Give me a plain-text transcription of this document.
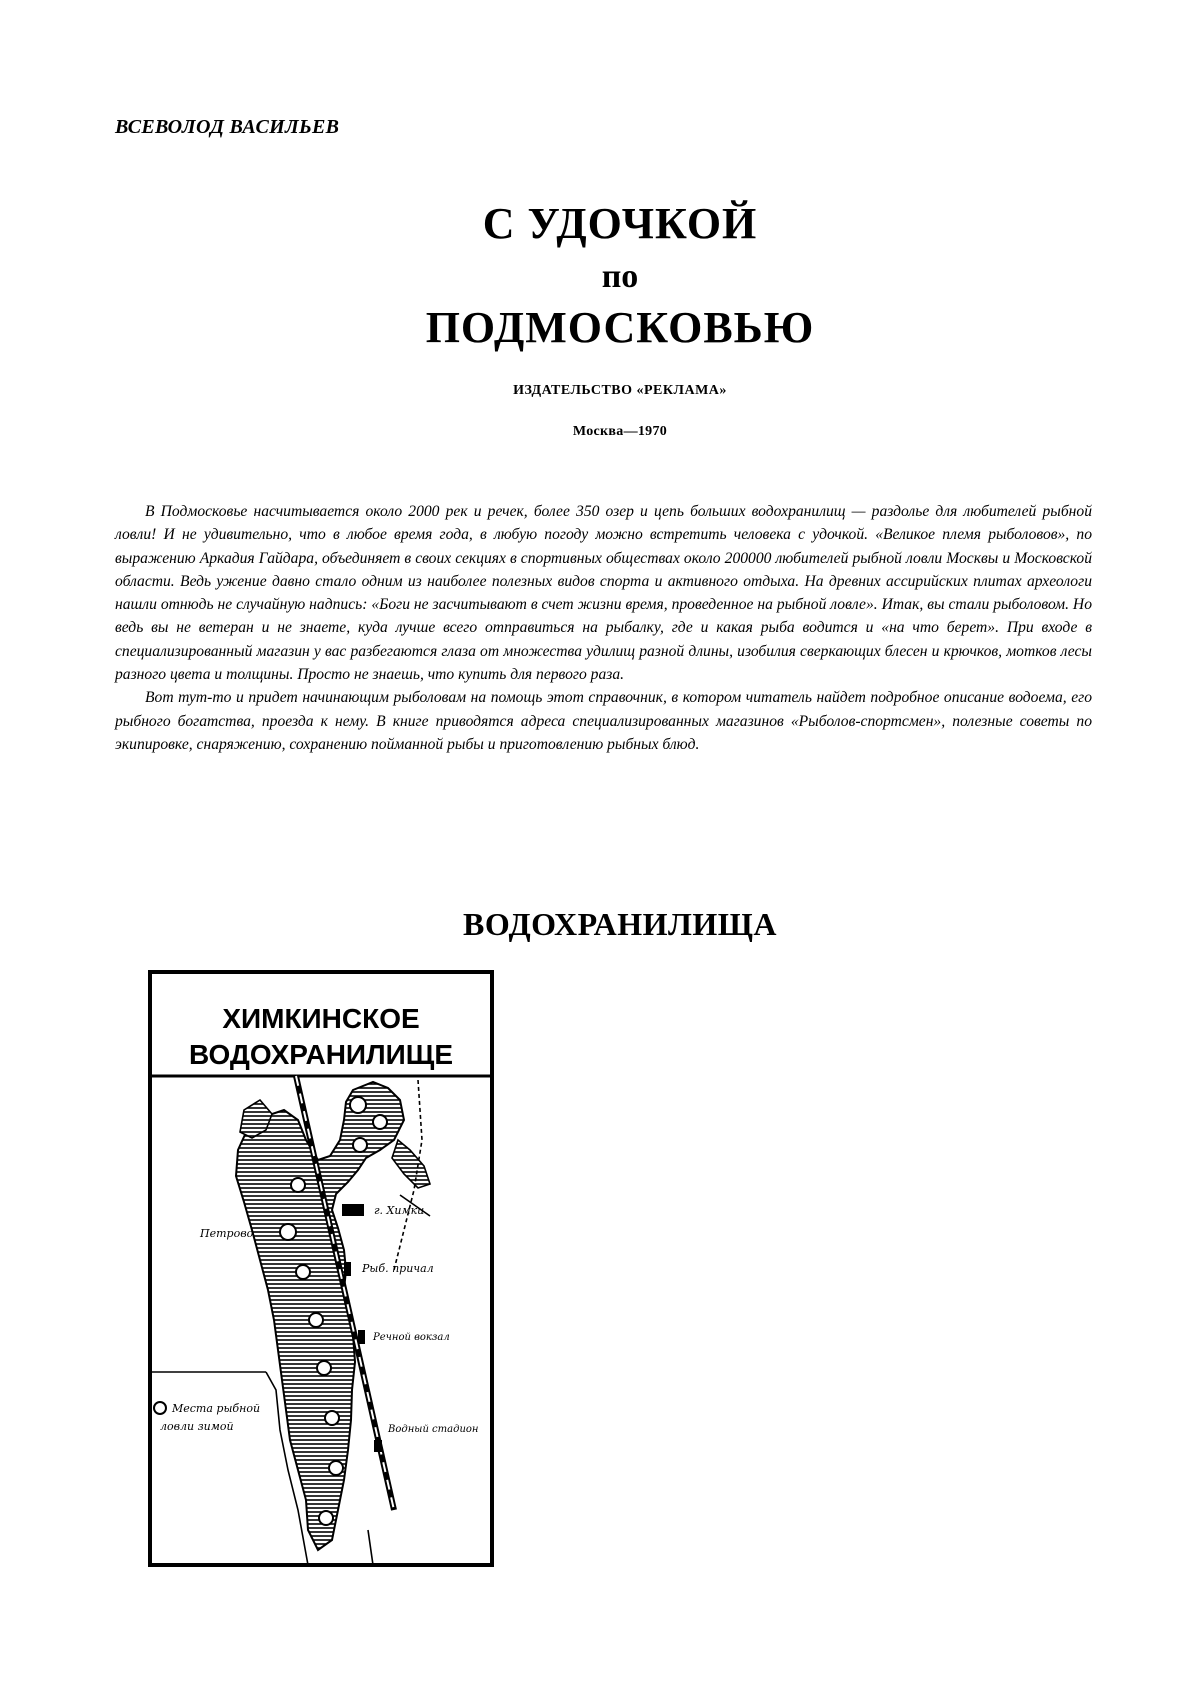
ВСЕВОЛОД ВАСИЛЬЕВ
С УДОЧКОЙ
по
ПОДМОСКОВЬЮ
ИЗДАТЕЛЬСТВО «РЕКЛАМА»
Москва—1970

В Подмосковье насчитывается около 2000 рек и речек, более 350 озер и цепь больших водохранилищ — раздолье для любителей рыбной ловли! И не удивительно, что в любое время года, в любую погоду можно встретить человека с удочкой. «Великое племя рыболовов», по выражению Аркадия Гайдара, объединяет в своих секциях в спортивных обществах около 200000 любителей рыбной ловли Москвы и Московской области. Ведь ужение давно стало одним из наиболее полезных видов спорта и активного отдыха. На древних ассирийских плитах археологи нашли отнюдь не случайную надпись: «Боги не засчитывают в счет жизни время, проведенное на рыбной ловле». Итак, вы стали рыболовом. Но ведь вы не ветеран и не знаете, куда лучше всего отправиться на рыбалку, где и какая рыба водится и «на что берет». При входе в специализированный магазин у вас разбегаются глаза от множества удилищ разной длины, изобилия сверкающих блесен и крючков, мотков лесы разного цвета и толщины. Просто не знаешь, что купить для первого раза.

Вот тут-то и придет начинающим рыболовам на помощь этот справочник, в котором читатель найдет подробное описание водоема, его рыбного богатства, проезда к нему. В книге приводятся адреса специализированных магазинов «Рыболов-спортсмен», полезные советы по экипировке, снаряжению, сохранению пойманной рыбы и приготовлению рыбных блюд.

ВОДОХРАНИЛИЩА
ХИМКИНСКОЕ
ВОДОХРАНИЛИЩЕ
г. Химки
Петрово
Рыб. причал
Речной вокзал
Водный стадион
Места рыбной
ловли зимой
